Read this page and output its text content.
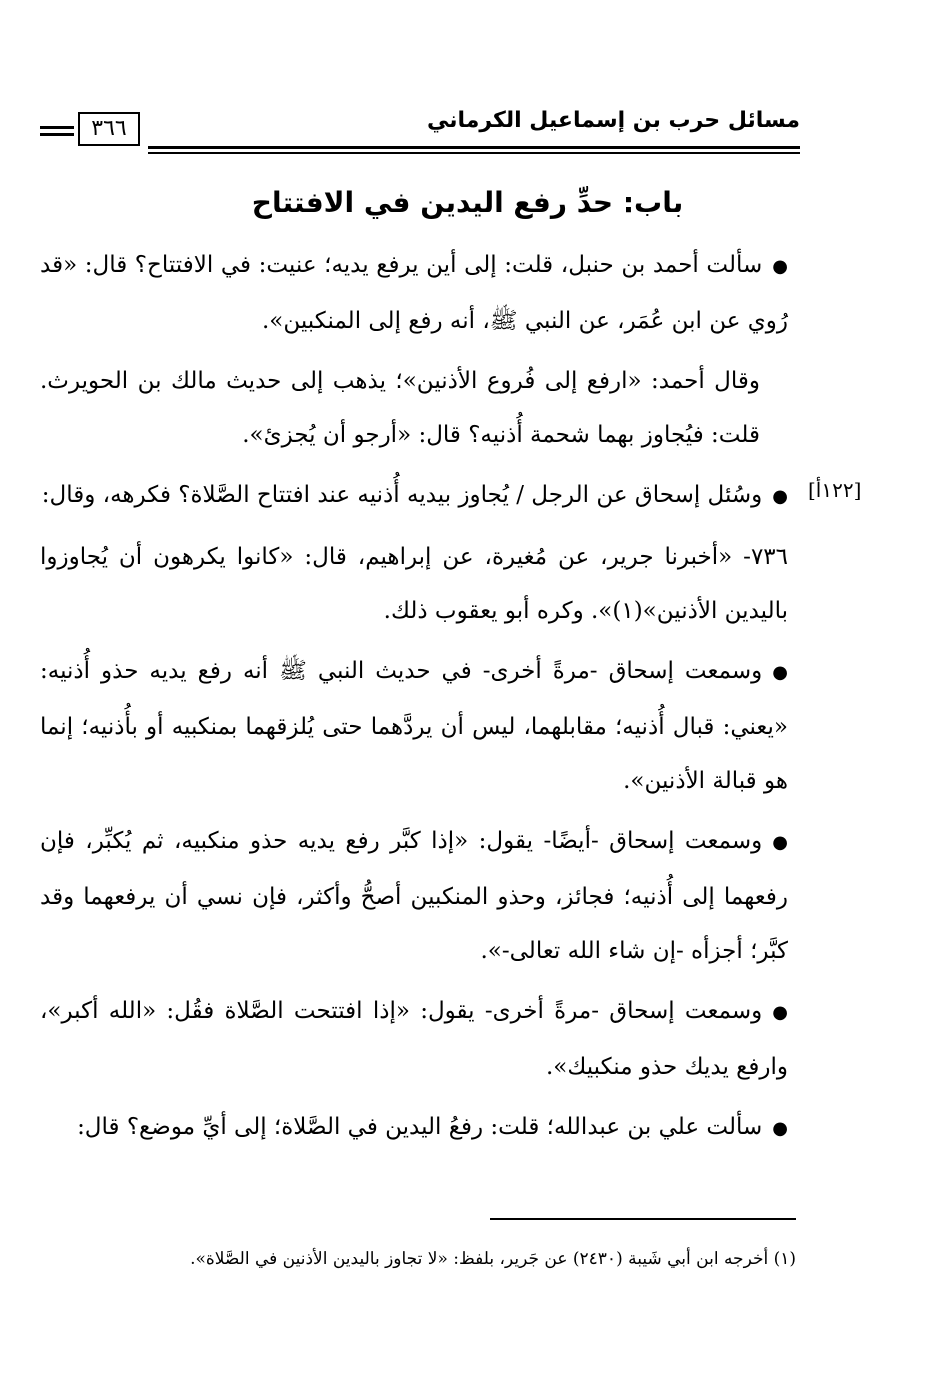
مسائل حرب بن إسماعيل الكرماني
٣٦٦
باب: حدِّ رفع اليدين في الافتتاح
[١٢٢أ]

●سألت أحمد بن حنبل، قلت: إلى أين يرفع يديه؛ عنيت: في الافتتاح؟ قال: «قد رُوي عن ابن عُمَر، عن النبي ﷺ، أنه رفع إلى المنكبين».

وقال أحمد: «ارفع إلى فُروع الأذنين»؛ يذهب إلى حديث مالك بن الحويرث. قلت: فيُجاوز بهما شحمة أُذنيه؟ قال: «أرجو أن يُجزئ».

●وسُئل إسحاق عن الرجل / يُجاوز بيديه أُذنيه عند افتتاح الصَّلاة؟ فكرهه، وقال:

٧٣٦- «أخبرنا جرير، عن مُغيرة، عن إبراهيم، قال: «كانوا يكرهون أن يُجاوزوا باليدين الأذنين»(١)». وكره أبو يعقوب ذلك.

●وسمعت إسحاق -مرةً أخرى- في حديث النبي ﷺ أنه رفع يديه حذو أُذنيه: «يعني: قبال أُذنيه؛ مقابلهما، ليس أن يردَّهما حتى يُلزقهما بمنكبيه أو بأُذنيه؛ إنما هو قبالة الأذنين».

●وسمعت إسحاق -أيضًا- يقول: «إذا كبَّر رفع يديه حذو منكبيه، ثم يُكبِّر، فإن رفعهما إلى أُذنيه؛ فجائز، وحذو المنكبين أصحُّ وأكثر، فإن نسي أن يرفعهما وقد كبَّر؛ أجزأه -إن شاء الله تعالى-».

●وسمعت إسحاق -مرةً أخرى- يقول: «إذا افتتحت الصَّلاة فقُل: «الله أكبر»، وارفع يديك حذو منكبيك».

●سألت علي بن عبدالله؛ قلت: رفعُ اليدين في الصَّلاة؛ إلى أيِّ موضع؟ قال:

(١) أخرجه ابن أبي شَيبة (٢٤٣٠) عن جَرير، بلفظ: «لا تجاوز باليدين الأذنين في الصَّلاة».
